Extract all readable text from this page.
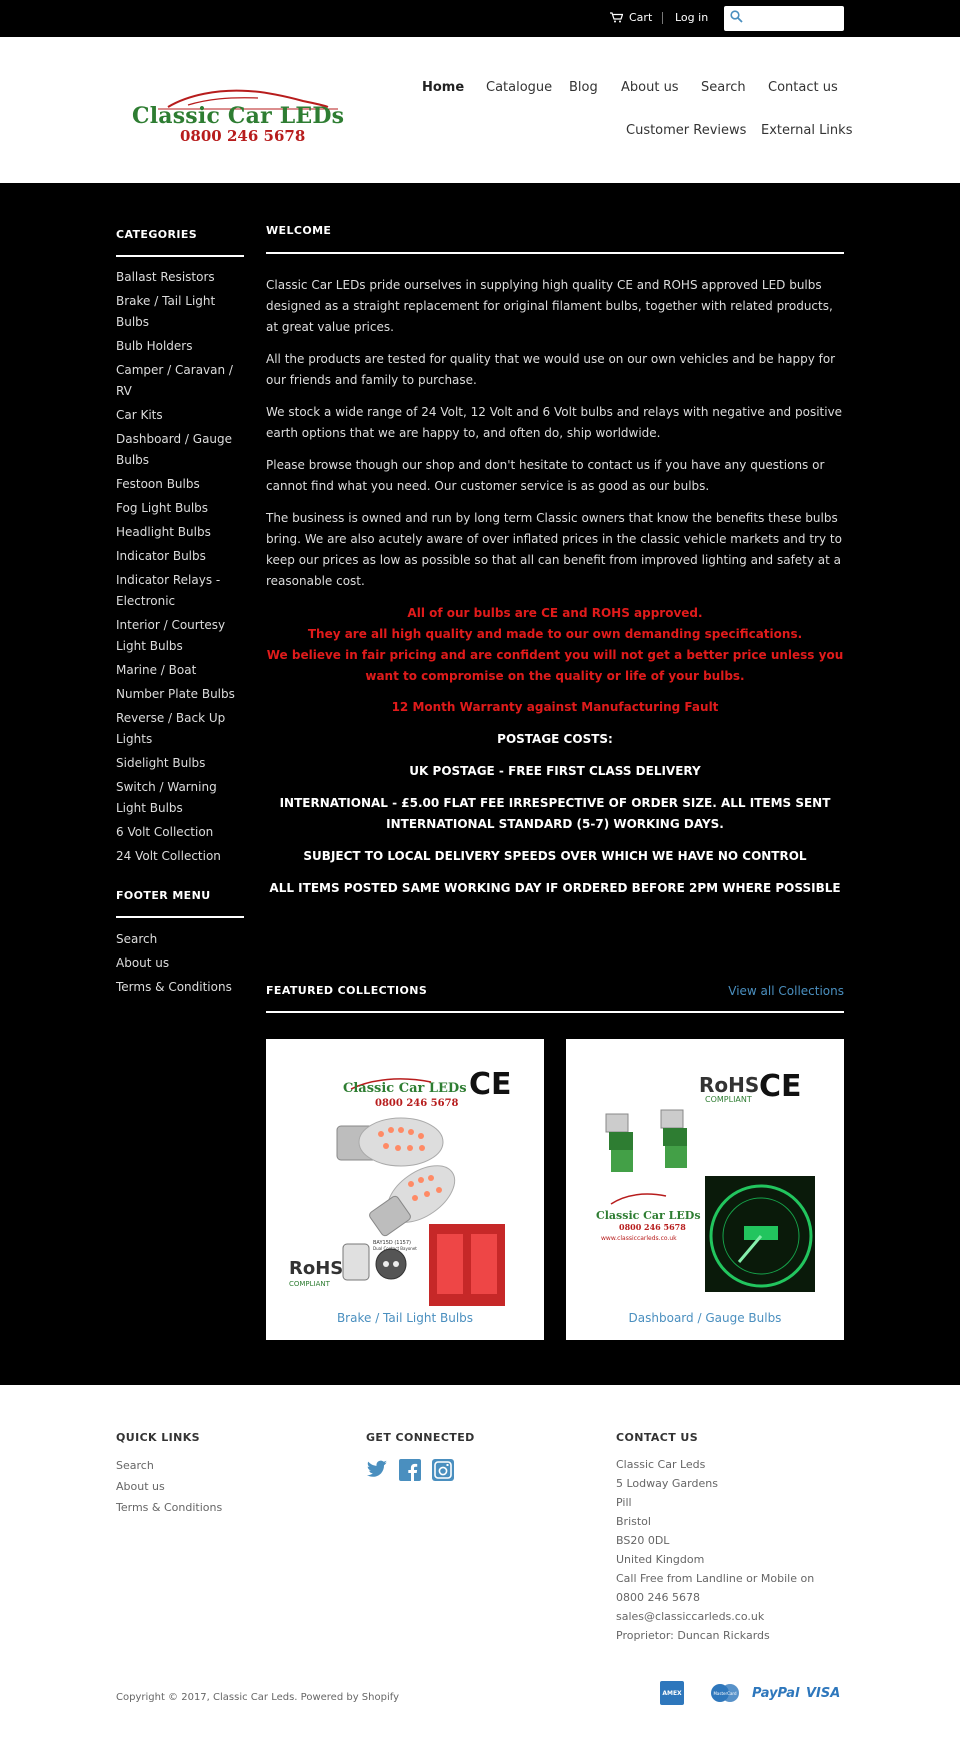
Cart Log in
Classic Car LEDs
0800 246 5678
Home Catalogue Blog About us Search Contact us
Customer Reviews External Links
CATEGORIES
Ballast Resistors
Brake / Tail Light Bulbs
Bulb Holders
Camper / Caravan / RV
Car Kits
Dashboard / Gauge Bulbs
Festoon Bulbs
Fog Light Bulbs
Headlight Bulbs
Indicator Bulbs
Indicator Relays - Electronic
Interior / Courtesy Light Bulbs
Marine / Boat
Number Plate Bulbs
Reverse / Back Up Lights
Sidelight Bulbs
Switch / Warning Light Bulbs
6 Volt Collection
24 Volt Collection
FOOTER MENU
Search
About us
Terms & Conditions
WELCOME

Classic Car LEDs pride ourselves in supplying high quality CE and ROHS approved LED bulbs designed as a straight replacement for original filament bulbs, together with related products, at great value prices.

All the products are tested for quality that we would use on our own vehicles and be happy for our friends and family to purchase.

We stock a wide range of 24 Volt, 12 Volt and 6 Volt bulbs and relays with negative and positive earth options that we are happy to, and often do, ship worldwide.

Please browse though our shop and don't hesitate to contact us if you have any questions or cannot find what you need. Our customer service is as good as our bulbs.

The business is owned and run by long term Classic owners that know the benefits these bulbs bring. We are also acutely aware of over inflated prices in the classic vehicle markets and try to keep our prices as low as possible so that all can benefit from improved lighting and safety at a reasonable cost.

All of our bulbs are CE and ROHS approved.

They are all high quality and made to our own demanding specifications.

We believe in fair pricing and are confident you will not get a better price unless you want to compromise on the quality or life of your bulbs.

12 Month Warranty against Manufacturing Fault

POSTAGE COSTS:

UK POSTAGE - FREE FIRST CLASS DELIVERY

INTERNATIONAL - £5.00 FLAT FEE IRRESPECTIVE OF ORDER SIZE. ALL ITEMS SENT INTERNATIONAL STANDARD (5-7) WORKING DAYS.

SUBJECT TO LOCAL DELIVERY SPEEDS OVER WHICH WE HAVE NO CONTROL

ALL ITEMS POSTED SAME WORKING DAY IF ORDERED BEFORE 2PM WHERE POSSIBLE

FEATURED COLLECTIONS	View all Collections
Classic Car LEDs
0800 246 5678
CE
RoHS
COMPLIANT
BAY15D (1157)
Dual Contact Bayonet
Brake / Tail Light Bulbs
RoHS
COMPLIANT CE
Classic Car LEDs
0800 246 5678
www.classiccarleds.co.uk
Dashboard / Gauge Bulbs
QUICK LINKS
Search
About us
Terms & Conditions
GET CONNECTED	CONTACT US
Classic Car Leds
5 Lodway Gardens
Pill
Bristol
BS20 0DL
United Kingdom
Call Free from Landline or Mobile on
0800 246 5678
sales@classiccarleds.co.uk
Proprietor: Duncan Rickards
Copyright © 2017, Classic Car Leds. Powered by Shopify	AMEX	MasterCard PayPal VISA
